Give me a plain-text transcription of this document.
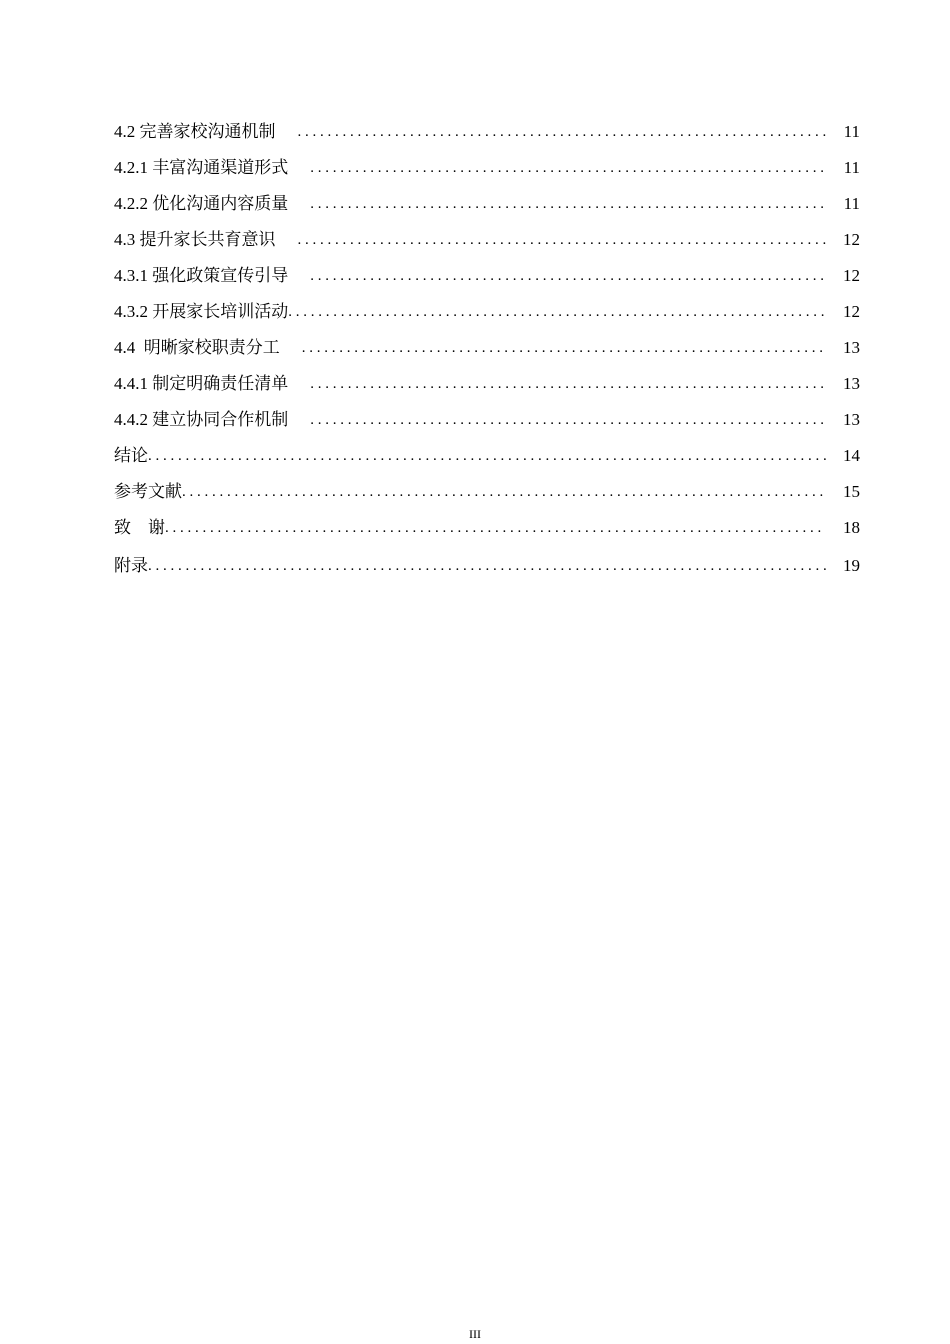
4.2 完善家校沟通机制 . . .	11
4.2.1 丰富沟通渠道形式 . . .	11
4.2.2 优化沟通内容质量 . . .	11
4.3 提升家长共育意识 . . .	12
4.3.1 强化政策宣传引导 . . .	12
4.3.2 开展家长培训活动 . . .	12
4.4  明晰家校职责分工 . . .	13
4.4.1 制定明确责任清单 . . .	13
4.4.2 建立协同合作机制 . . .	13
结论 . . .	14
参考文献 . . .	15
致    谢 . . .	18
附录 . . .	19
III
